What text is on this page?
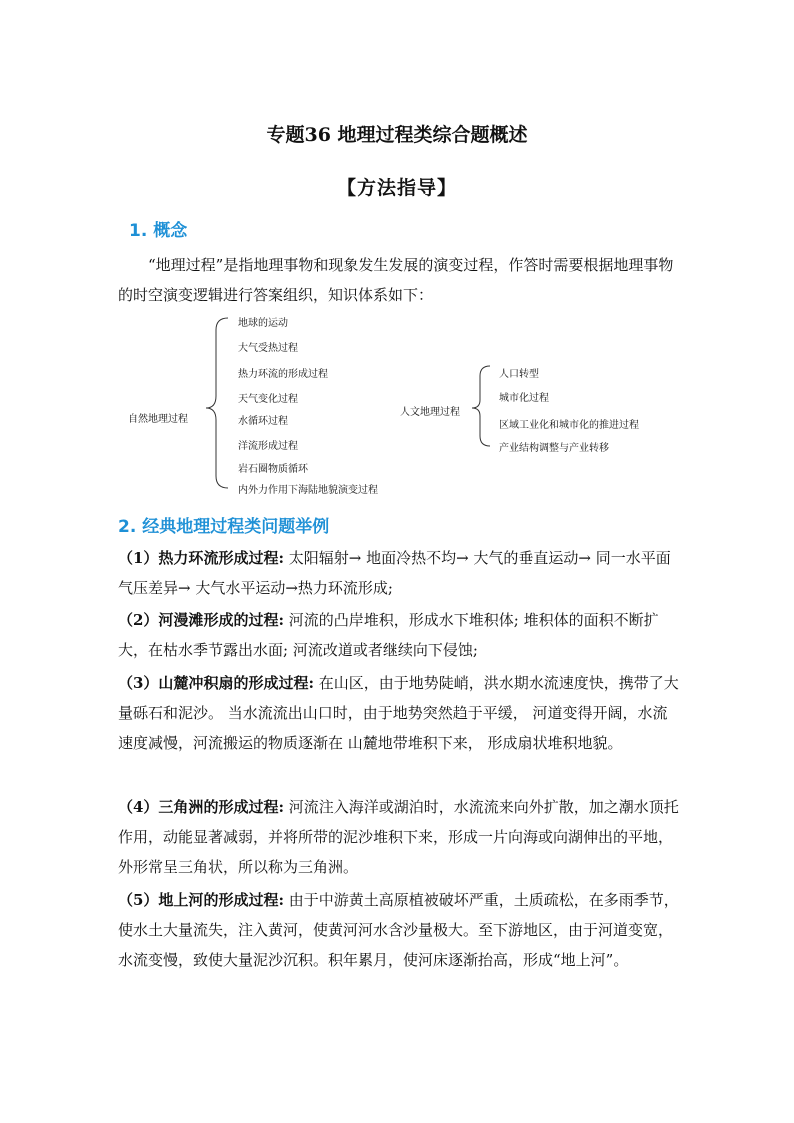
专题36 地理过程类综合题概述
【方法指导】
1. 概念
“地理过程”是指地理事物和现象发生发展的演变过程，作答时需要根据地理事物的时空演变逻辑进行答案组织，知识体系如下：
自然地理过程
地球的运动
大气受热过程
热力环流的形成过程
天气变化过程
水循环过程
洋流形成过程
岩石圈物质循环
内外力作用下海陆地貌演变过程
人文地理过程
人口转型
城市化过程
区域工业化和城市化的推进过程
产业结构调整与产业转移
2. 经典地理过程类问题举例
（1）热力环流形成过程: 太阳辐射→ 地面冷热不均→ 大气的垂直运动→ 同一水平面气压差异→ 大气水平运动→热力环流形成;
（2）河漫滩形成的过程: 河流的凸岸堆积，形成水下堆积体; 堆积体的面积不断扩大，在枯水季节露出水面; 河流改道或者继续向下侵蚀;
（3）山麓冲积扇的形成过程: 在山区，由于地势陡峭，洪水期水流速度快，携带了大量砾石和泥沙。 当水流流出山口时，由于地势突然趋于平缓， 河道变得开阔，水流速度减慢，河流搬运的物质逐渐在 山麓地带堆积下来， 形成扇状堆积地貌。
（4）三角洲的形成过程: 河流注入海洋或湖泊时，水流流来向外扩散，加之潮水顶托作用，动能显著减弱，并将所带的泥沙堆积下来，形成一片向海或向湖伸出的平地，外形常呈三角状，所以称为三角洲。
（5）地上河的形成过程: 由于中游黄土高原植被破坏严重，土质疏松，在多雨季节，使水土大量流失，注入黄河，使黄河河水含沙量极大。至下游地区，由于河道变宽，水流变慢，致使大量泥沙沉积。积年累月，使河床逐渐抬高，形成“地上河”。
